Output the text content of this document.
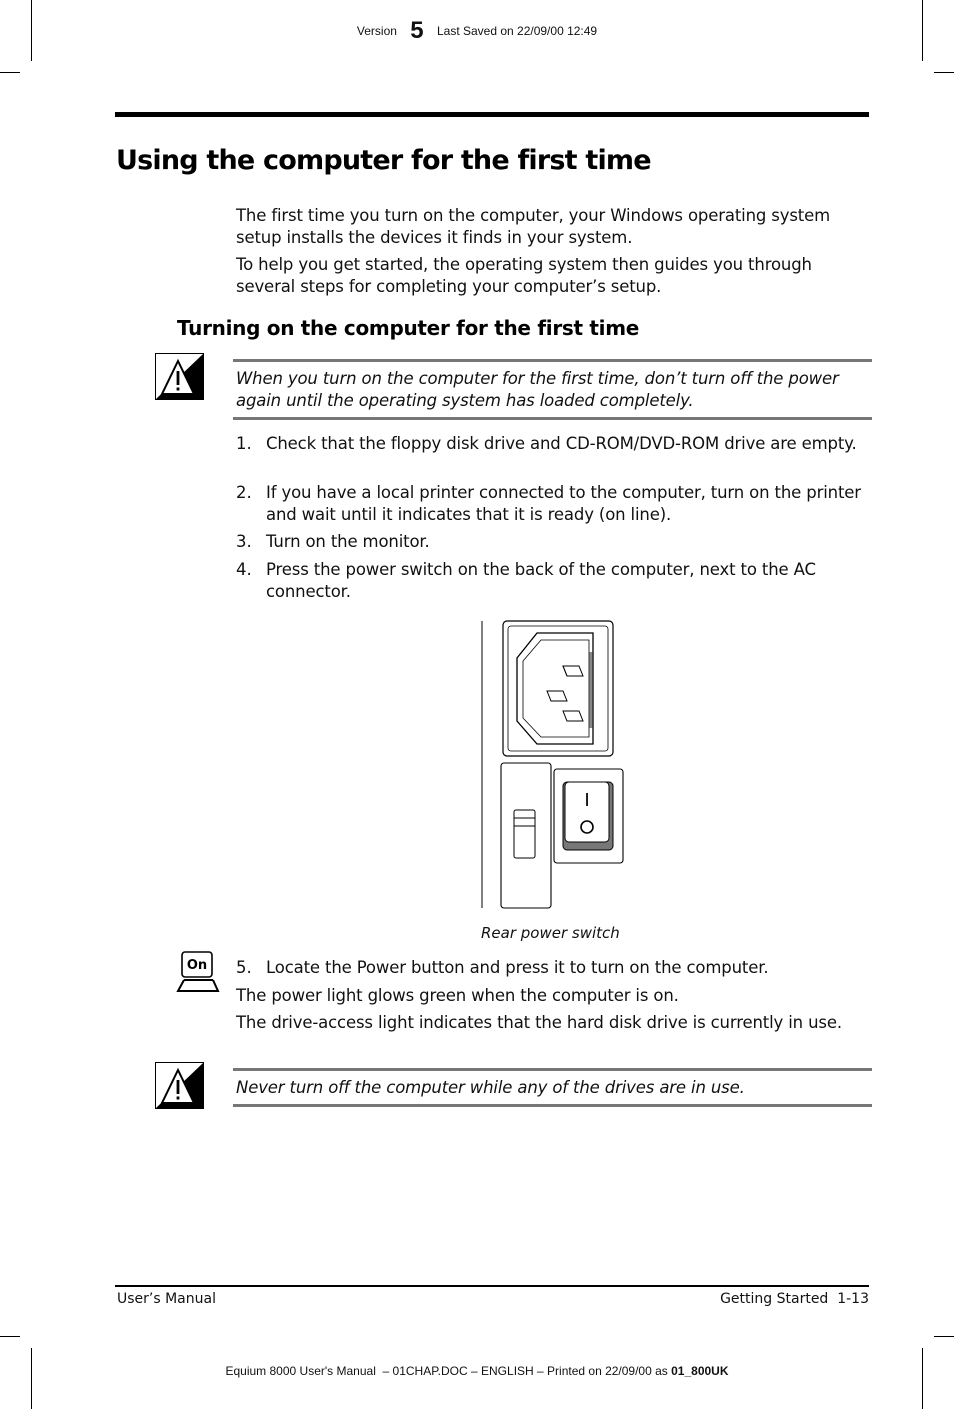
Version 5 Last Saved on 22/09/00 12:49
Using the computer for the first time

The first time you turn on the computer, your Windows operating system setup installs the devices it finds in your system.

To help you get started, the operating system then guides you through several steps for completing your computer’s setup.

Turning on the computer for the first time

When you turn on the computer for the first time, don’t turn off the power again until the operating system has loaded completely.

1. Check that the floppy disk drive and CD-ROM/DVD-ROM drive are empty.

2. If you have a local printer connected to the computer, turn on the printer and wait until it indicates that it is ready (on line).

3. Turn on the monitor.

4. Press the power switch on the back of the computer, next to the AC connector.

I
Rear power switch
On 5. Locate the Power button and press it to turn on the computer.

The power light glows green when the computer is on.

The drive-access light indicates that the hard disk drive is currently in use.

Never turn off the computer while any of the drives are in use.

User’s Manual	Getting Started  1-13
Equium 8000 User's Manual  – 01CHAP.DOC – ENGLISH – Printed on 22/09/00 as 01_800UK
